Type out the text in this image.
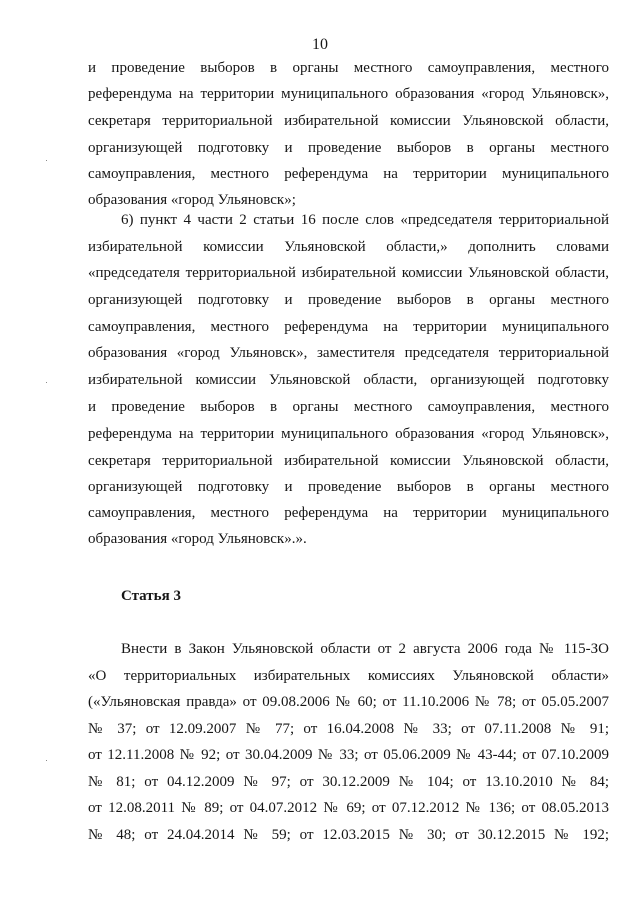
10
и проведение выборов в органы местного самоуправления, местного
референдума на территории муниципального образования «город Ульяновск»,
секретаря территориальной избирательной комиссии Ульяновской области,
организующей подготовку и проведение выборов в органы местного
самоуправления, местного референдума на территории муниципального
образования «город Ульяновск»;
6) пункт 4 части 2 статьи 16 после слов «председателя территориальной
избирательной комиссии Ульяновской области,» дополнить словами
«председателя территориальной избирательной комиссии Ульяновской области,
организующей подготовку и проведение выборов в органы местного
самоуправления, местного референдума на территории муниципального
образования «город Ульяновск», заместителя председателя территориальной
избирательной комиссии Ульяновской области, организующей подготовку
и проведение выборов в органы местного самоуправления, местного
референдума на территории муниципального образования «город Ульяновск»,
секретаря территориальной избирательной комиссии Ульяновской области,
организующей подготовку и проведение выборов в органы местного
самоуправления, местного референдума на территории муниципального
образования «город Ульяновск».».
Статья 3
Внести в Закон Ульяновской области от 2 августа 2006 года № 115-ЗО
«О территориальных избирательных комиссиях Ульяновской области»
(«Ульяновская правда» от 09.08.2006 № 60; от 11.10.2006 № 78; от 05.05.2007
№ 37; от 12.09.2007 № 77; от 16.04.2008 № 33; от 07.11.2008 № 91;
от 12.11.2008 № 92; от 30.04.2009 № 33; от 05.06.2009 № 43-44; от 07.10.2009
№ 81; от 04.12.2009 № 97; от 30.12.2009 № 104; от 13.10.2010 № 84;
от 12.08.2011 № 89; от 04.07.2012 № 69; от 07.12.2012 № 136; от 08.05.2013
№ 48; от 24.04.2014 № 59; от 12.03.2015 № 30; от 30.12.2015 № 192;
